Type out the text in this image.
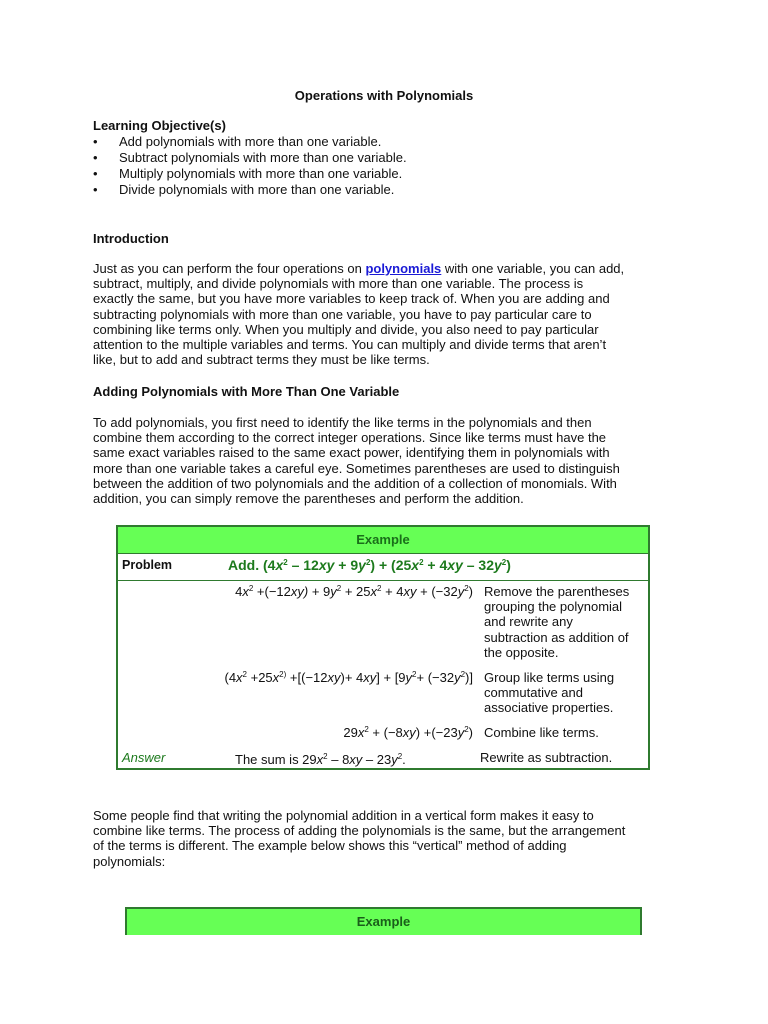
Operations with Polynomials
Learning Objective(s)
• Add polynomials with more than one variable.
• Subtract polynomials with more than one variable.
• Multiply polynomials with more than one variable.
• Divide polynomials with more than one variable.
Introduction
Just as you can perform the four operations on polynomials with one variable, you can add,
subtract, multiply, and divide polynomials with more than one variable. The process is
exactly the same, but you have more variables to keep track of. When you are adding and
subtracting polynomials with more than one variable, you have to pay particular care to
combining like terms only. When you multiply and divide, you also need to pay particular
attention to the multiple variables and terms. You can multiply and divide terms that aren’t
like, but to add and subtract terms they must be like terms.
Adding Polynomials with More Than One Variable
To add polynomials, you first need to identify the like terms in the polynomials and then
combine them according to the correct integer operations. Since like terms must have the
same exact variables raised to the same exact power, identifying them in polynomials with
more than one variable takes a careful eye. Sometimes parentheses are used to distinguish
between the addition of two polynomials and the addition of a collection of monomials. With
addition, you can simply remove the parentheses and perform the addition.
Example
Problem	Add. $(4x^2 - 12xy + 9y^2) + (25x^2 + 4xy - 32y^2)$
$4x^2 +(-12xy) + 9y^2 + 25x^2 + 4xy + (-32y^2)$ Remove the parentheses
grouping the polynomial
and rewrite any
subtraction as addition of
the opposite.
($4x^2 +25x^{2)} +[(-12xy)+ 4xy] + [9y^2+ (-32y^2)]$ Group like terms using
commutative and
associative properties.
$29x^2 + (-8xy) +(-23y^2)$ Combine like terms.
Answer	The sum is $29x^2 - 8xy - 23y^2$.	Rewrite as subtraction.
Some people find that writing the polynomial addition in a vertical form makes it easy to
combine like terms. The process of adding the polynomials is the same, but the arrangement
of the terms is different. The example below shows this “vertical” method of adding
polynomials:
Example
